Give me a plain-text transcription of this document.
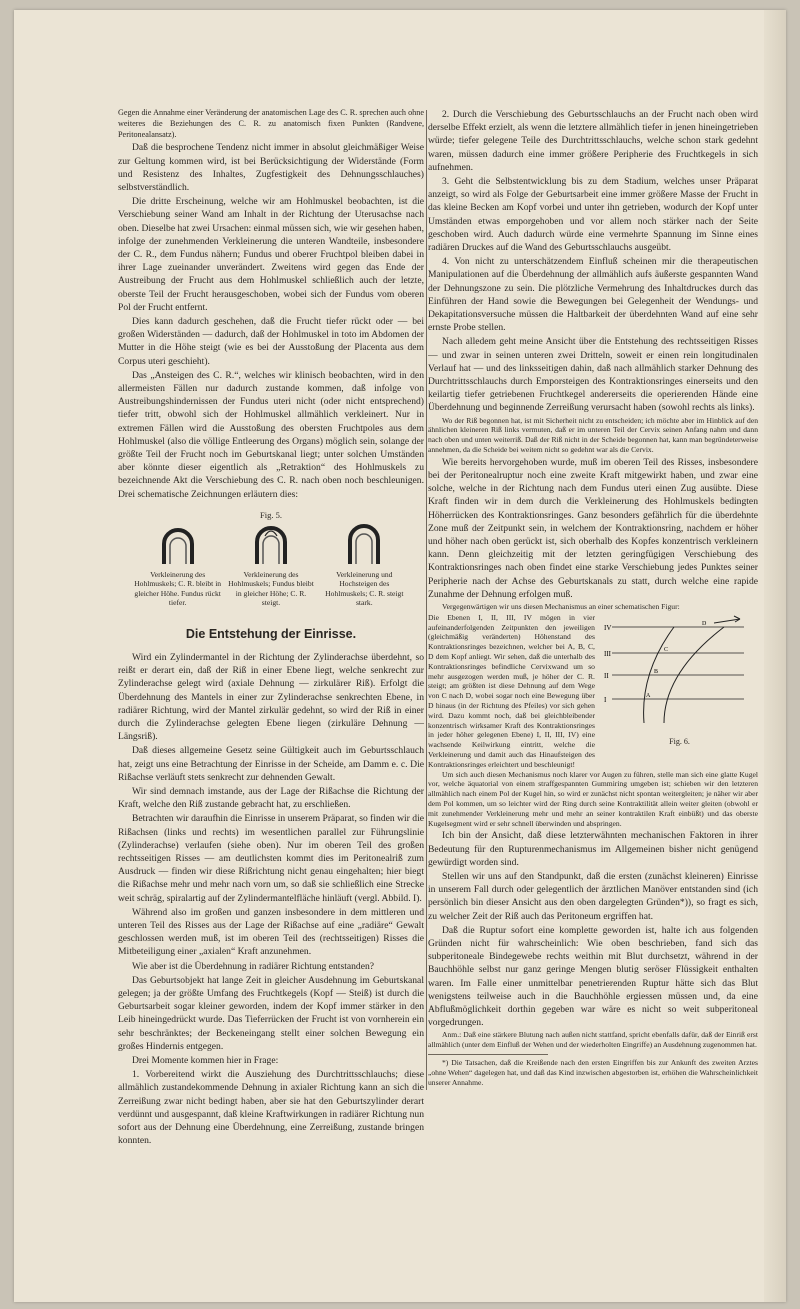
Gegen die Annahme einer Veränderung der anatomischen Lage des C. R. sprechen auch ohne weiteres die Beziehungen des C. R. zu anatomisch fixen Punkten (Randvene, Peritonealansatz).

Daß die besprochene Tendenz nicht immer in absolut gleichmäßiger Weise zur Geltung kommen wird, ist bei Berücksichtigung der Widerstände (Form und Resistenz des Inhaltes, Zugfestigkeit des Dehnungsschlauches) selbstverständlich.

Die dritte Erscheinung, welche wir am Hohlmuskel beobachten, ist die Verschiebung seiner Wand am Inhalt in der Richtung der Uterusachse nach oben. Dieselbe hat zwei Ursachen: einmal müssen sich, wie wir gesehen haben, infolge der zunehmenden Verkleinerung die unteren Wandteile, insbesondere der C. R., dem Fundus nähern; Fundus und oberer Fruchtpol bleiben dabei in ihrer Lage zueinander unverändert. Zweitens wird gegen das Ende der Austreibung der Frucht aus dem Hohlmuskel schließlich auch der letzte, oberste Teil der Frucht herausgeschoben, wobei sich der Fundus vom oberen Pol der Frucht entfernt.

Dies kann dadurch geschehen, daß die Frucht tiefer rückt oder — bei großen Widerständen — dadurch, daß der Hohlmuskel in toto im Abdomen der Mutter in die Höhe steigt (wie es bei der Ausstoßung der Placenta aus dem Corpus uteri geschieht).

Das „Ansteigen des C. R.“, welches wir klinisch beobachten, wird in den allermeisten Fällen nur dadurch zustande kommen, daß infolge von Austreibungshindernissen der Fundus uteri nicht (oder nicht entsprechend) tiefer tritt, obwohl sich der Hohlmuskel allmählich verkleinert. Nur in extremen Fällen wird die Ausstoßung des obersten Fruchtpoles aus dem Hohlmuskel (also die völlige Entleerung des Organs) möglich sein, solange der größte Teil der Frucht noch im Geburtskanal liegt; unter solchen Umständen aber könnte dieser eigentlich als „Retraktion“ des Hohlmuskels zu bezeichnende Akt die Verschiebung des C. R. nach oben noch beschleunigen. Drei schematische Zeichnungen erläutern dies:

Fig. 5.
Verkleinerung des Hohlmuskels; C. R. bleibt in gleicher Höhe. Fundus rückt tiefer.
Verkleinerung des Hohlmuskels; Fundus bleibt in gleicher Höhe; C. R. steigt.
Verkleinerung und Hochsteigen des Hohlmuskels; C. R. steigt stark.
Die Entstehung der Einrisse.

Wird ein Zylindermantel in der Richtung der Zylinderachse überdehnt, so reißt er derart ein, daß der Riß in einer Ebene liegt, welche senkrecht zur Zylinderachse gelegt wird (axiale Dehnung — zirkulärer Riß). Erfolgt die Überdehnung des Mantels in einer zur Zylinderachse senkrechten Ebene, in radiärer Richtung, wird der Mantel zirkulär gedehnt, so wird der Riß in einer durch die Zylinderachse gelegten Ebene liegen (zirkuläre Dehnung — Längsriß).

Daß dieses allgemeine Gesetz seine Gültigkeit auch im Geburtsschlauch hat, zeigt uns eine Betrachtung der Einrisse in der Scheide, am Damm e. c. Die Rißachse verläuft stets senkrecht zur dehnenden Gewalt.

Wir sind demnach imstande, aus der Lage der Rißachse die Richtung der Kraft, welche den Riß zustande gebracht hat, zu erschließen.

Betrachten wir daraufhin die Einrisse in unserem Präparat, so finden wir die Rißachsen (links und rechts) im wesentlichen parallel zur Führungslinie (Zylinderachse) verlaufen (siehe oben). Nur im oberen Teil des großen rechtsseitigen Risses — am deutlichsten kommt dies im Peritonealriß zum Ausdruck — finden wir diese Rißrichtung nicht genau eingehalten; hier biegt die Rißachse mehr und mehr nach vorn um, so daß sie schließlich eine Strecke weit schräg, spiralartig auf der Zylindermantelfläche hinläuft (vergl. Abbild. I).

Während also im großen und ganzen insbesondere in dem mittleren und unteren Teil des Risses aus der Lage der Rißachse auf eine „radiäre“ Gewalt geschlossen werden muß, ist im oberen Teil des (rechtsseitigen) Risses die Mitbeteiligung einer „axialen“ Kraft anzunehmen.

Wie aber ist die Überdehnung in radiärer Richtung entstanden?

Das Geburtsobjekt hat lange Zeit in gleicher Ausdehnung im Geburtskanal gelegen; ja der größte Umfang des Fruchtkegels (Kopf — Steiß) ist durch die Geburtsarbeit sogar kleiner geworden, indem der Kopf immer stärker in den Leib hineingedrückt wurde. Das Tieferrücken der Frucht ist von vornherein ein sehr beschränktes; der Beckeneingang stellt einer solchen Bewegung ein großes Hindernis entgegen.

Drei Momente kommen hier in Frage:

1. Vorbereitend wirkt die Ausziehung des Durchtrittsschlauchs; diese allmählich zustandekommende Dehnung in axialer Richtung kann an sich die Zerreißung zwar nicht bedingt haben, aber sie hat den Geburtszylinder derart verdünnt und ausgespannt, daß kleine Kraftwirkungen in radiärer Richtung nun sofort aus der Dehnung eine Überdehnung, eine Zerreißung, zustande bringen konnten.

2. Durch die Verschiebung des Geburtsschlauchs an der Frucht nach oben wird derselbe Effekt erzielt, als wenn die letztere allmählich tiefer in jenen hineingetrieben würde; tiefer gelegene Teile des Durchtrittsschlauchs, welche schon stark gedehnt waren, müssen dadurch eine immer größere Peripherie des Fruchtkegels in sich aufnehmen.

3. Geht die Selbstentwicklung bis zu dem Stadium, welches unser Präparat anzeigt, so wird als Folge der Geburtsarbeit eine immer größere Masse der Frucht in das kleine Becken am Kopf vorbei und unter ihn getrieben, wodurch der Kopf unter Umständen etwas emporgehoben und vor allem noch stärker nach der Seite geschoben wird. Auch dadurch würde eine vermehrte Spannung im Sinne eines radiären Druckes auf die Wand des Geburtsschlauchs ausgeübt.

4. Von nicht zu unterschätzendem Einfluß scheinen mir die therapeutischen Manipulationen auf die Überdehnung der allmählich aufs äußerste gespannten Wand der Dehnungszone zu sein. Die plötzliche Vermehrung des Inhaltdruckes durch das Einführen der Hand sowie die Bewegungen bei Gelegenheit der Wendungs- und Dekapitationsversuche müssen die Haltbarkeit der überdehnten Wand auf eine sehr ernste Probe stellen.

Nach alledem geht meine Ansicht über die Entstehung des rechtsseitigen Risses — und zwar in seinen unteren zwei Dritteln, soweit er einen rein longitudinalen Verlauf hat — und des linksseitigen dahin, daß nach allmählich starker Dehnung des Durchtrittsschlauchs durch Emporsteigen des Kontraktionsringes einerseits und den keilartig tiefer getriebenen Fruchtkegel andererseits die operierenden Hände eine Überdehnung und beginnende Zerreißung verursacht haben (sowohl rechts als links).

Wo der Riß begonnen hat, ist mit Sicherheit nicht zu entscheiden; ich möchte aber im Hinblick auf den ähnlichen kleineren Riß links vermuten, daß er im unteren Teil der Cervix seinen Anfang nahm und dann nach oben und unten weiterriß. Daß der Riß nicht in der Scheide begonnen hat, kann man begründeterweise annehmen, da die Scheide bei weitem nicht so gedehnt war als die Cervix.

Wie bereits hervorgehoben wurde, muß im oberen Teil des Risses, insbesondere bei der Peritonealruptur noch eine zweite Kraft mitgewirkt haben, und zwar eine solche, welche in der Richtung nach dem Fundus uteri einen Zug ausübte. Diese Kraft finden wir in dem durch die Verkleinerung des Hohlmuskels bedingten Höherrücken des Kontraktionsringes. Ganz besonders gefährlich für die überdehnte Zone muß der Zeitpunkt sein, in welchem der Kontraktionsring, nachdem er höher und höher nach oben gerückt ist, sich oberhalb des Kopfes konzentrisch verkleinern kann. Denn gleichzeitig mit der letzten geringfügigen Verschiebung des Kontraktionsringes nach oben findet eine starke Verschiebung jedes Punktes seiner Peripherie nach der Achse des Geburtskanals zu statt, durch welche eine rapide Zunahme der Dehnung erfolgen muß.

Vergegenwärtigen wir uns diesen Mechanismus an einer schematischen Figur:

Die Ebenen I, II, III, IV mögen in vier aufeinanderfolgenden Zeitpunkten den jeweiligen (gleichmäßig veränderten) Höhenstand des Kontraktionsringes bezeichnen, welcher bei A, B, C, D dem Kopf anliegt. Wir sehen, daß die unterhalb des Kontraktionsringes befindliche Cervixwand um so mehr ausgezogen werden muß, je höher der C. R. steigt; am größten ist diese Dehnung auf dem Wege von C nach D, wobei sogar noch eine Bewegung über D hinaus (in der Richtung des Pfeiles) vor sich gehen wird. Dazu kommt noch, daß bei gleichbleibender konzentrisch wirksamer Kraft des Kontraktionsringes in jeder höher gelegenen Ebene) I, II, III, IV) eine wachsende Keilwirkung eintritt, welche die Verkleinerung und damit auch das Hinaufsteigen des Kontraktionsringes erleichtert und beschleunigt!
IV
III
II
I	A
B
C
D
Fig. 6.

Um sich auch diesen Mechanismus noch klarer vor Augen zu führen, stelle man sich eine glatte Kugel vor, welche äquatorial von einem straffgespannten Gummiring umgeben ist; schieben wir den letzteren allmählich nach einem Pol der Kugel hin, so wird er zunächst nicht spontan weitergleiten; je näher wir aber dem Pol kommen, um so leichter wird der Ring durch seine Kontraktilität allein weiter gleiten (obwohl er mit zunehmender Verkleinerung mehr und mehr an seiner kontraktilen Kraft einbüßt) und das oberste Kugelsegment wird er sehr schnell überwinden und abspringen.

Ich bin der Ansicht, daß diese letzterwähnten mechanischen Faktoren in ihrer Bedeutung für den Rupturenmechanismus im Allgemeinen bisher nicht genügend gewürdigt worden sind.

Stellen wir uns auf den Standpunkt, daß die ersten (zunächst kleineren) Einrisse in unserem Fall durch oder gelegentlich der ärztlichen Manöver entstanden sind (ich persönlich bin dieser Ansicht aus den oben dargelegten Gründen*)), so fragt es sich, zu welcher Zeit der Riß auch das Peritoneum ergriffen hat.

Daß die Ruptur sofort eine komplette geworden ist, halte ich aus folgenden Gründen nicht für wahrscheinlich: Wie oben beschrieben, fand sich das subperitoneale Bindegewebe rechts weithin mit Blut durchsetzt, während in der Bauchhöhle selbst nur ganz geringe Mengen blutig seröser Flüssigkeit enthalten waren. Im Falle einer unmittelbar penetrierenden Ruptur hätte sich das Blut wenigstens teilweise auch in die Bauchhöhle ergiessen müssen und, da eine Abflußmöglichkeit dorthin gegeben war wäre es nicht so weit subperitoneal vorgedrungen.

Anm.: Daß eine stärkere Blutung nach außen nicht stattfand, spricht ebenfalls dafür, daß der Einriß erst allmählich (unter dem Einfluß der Wehen und der wiederholten Eingriffe) an Ausdehnung zugenommen hat.

*) Die Tatsachen, daß die Kreißende nach den ersten Eingriffen bis zur Ankunft des zweiten Arztes „ohne Wehen“ dagelegen hat, und daß das Kind inzwischen abgestorben ist, erhöhen die Wahrscheinlichkeit unserer Annahme.
